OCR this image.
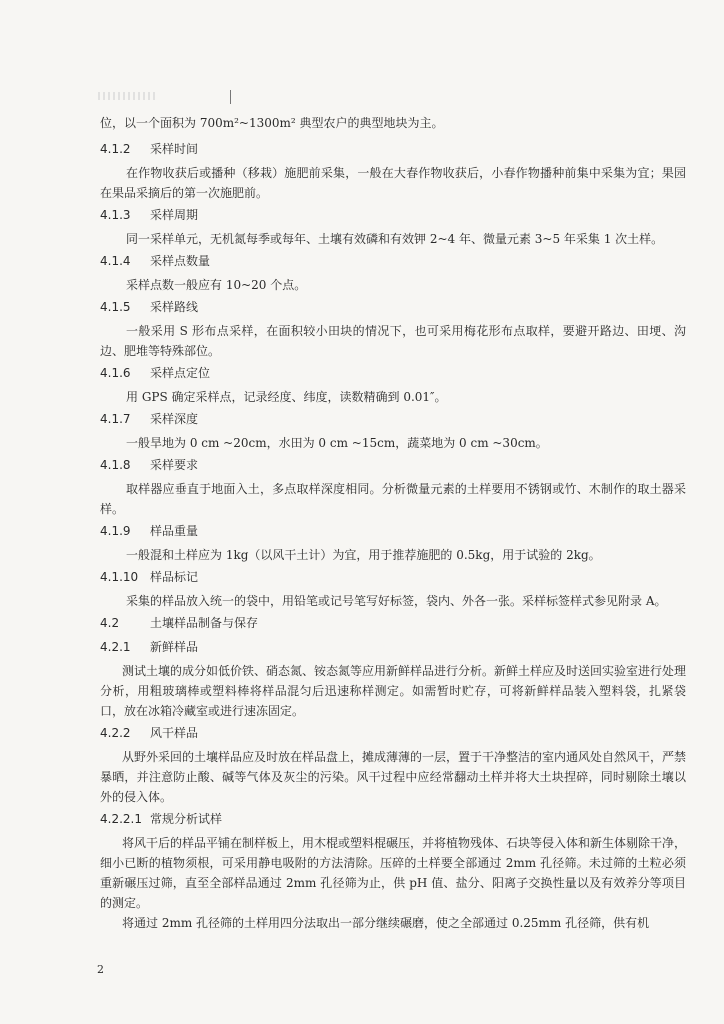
位，以一个面积为 700m²~1300m² 典型农户的典型地块为主。

4.1.2 采样时间

在作物收获后或播种（移栽）施肥前采集，一般在大春作物收获后，小春作物播种前集中采集为宜；果园在果品采摘后的第一次施肥前。

4.1.3 采样周期

同一采样单元，无机氮每季或每年、土壤有效磷和有效钾 2~4 年、微量元素 3~5 年采集 1 次土样。

4.1.4 采样点数量

采样点数一般应有 10~20 个点。

4.1.5 采样路线

一般采用 S 形布点采样，在面积较小田块的情况下，也可采用梅花形布点取样，要避开路边、田埂、沟边、肥堆等特殊部位。

4.1.6 采样点定位

用 GPS 确定采样点，记录经度、纬度，读数精确到 0.01″。

4.1.7 采样深度

一般旱地为 0 cm ~20cm，水田为 0 cm ~15cm，蔬菜地为 0 cm ~30cm。

4.1.8 采样要求

取样器应垂直于地面入土，多点取样深度相同。分析微量元素的土样要用不锈钢或竹、木制作的取土器采样。

4.1.9 样品重量

一般混和土样应为 1kg（以风干土计）为宜，用于推荐施肥的 0.5kg，用于试验的 2kg。

4.1.10 样品标记

采集的样品放入统一的袋中，用铅笔或记号笔写好标签，袋内、外各一张。采样标签样式参见附录 A。

4.2	土壤样品制备与保存
4.2.1 新鲜样品

测试土壤的成分如低价铁、硝态氮、铵态氮等应用新鲜样品进行分析。新鲜土样应及时送回实验室进行处理分析，用粗玻璃棒或塑料棒将样品混匀后迅速称样测定。如需暂时贮存，可将新鲜样品装入塑料袋，扎紧袋口，放在冰箱冷藏室或进行速冻固定。

4.2.2 风干样品

从野外采回的土壤样品应及时放在样品盘上，摊成薄薄的一层，置于干净整洁的室内通风处自然风干，严禁暴晒，并注意防止酸、碱等气体及灰尘的污染。风干过程中应经常翻动土样并将大土块捏碎，同时剔除土壤以外的侵入体。

4.2.2.1 常规分析试样

将风干后的样品平铺在制样板上，用木棍或塑料棍碾压，并将植物残体、石块等侵入体和新生体剔除干净，细小已断的植物须根，可采用静电吸附的方法清除。压碎的土样要全部通过 2mm 孔径筛。未过筛的土粒必须重新碾压过筛，直至全部样品通过 2mm 孔径筛为止，供 pH 值、盐分、阳离子交换性量以及有效养分等项目的测定。

将通过 2mm 孔径筛的土样用四分法取出一部分继续碾磨，使之全部通过 0.25mm 孔径筛，供有机

2
